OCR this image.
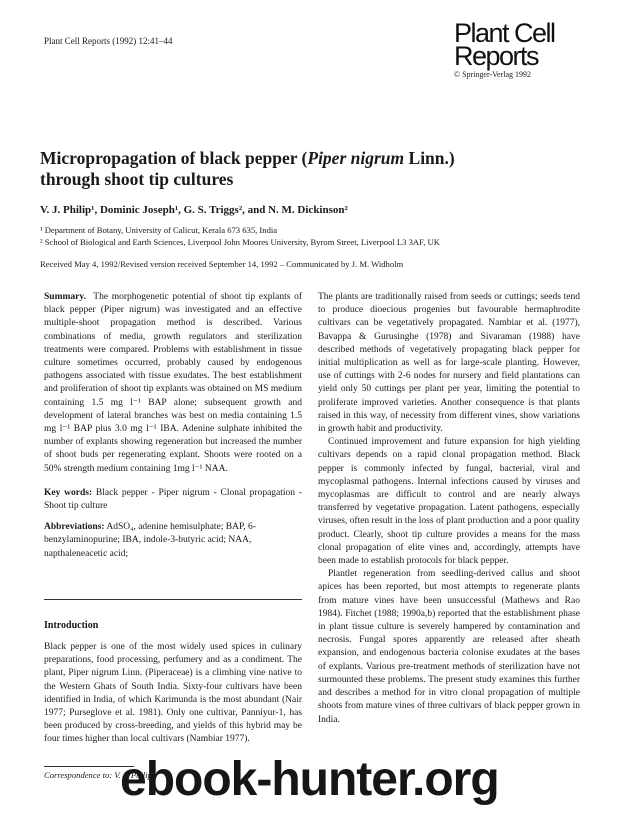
Plant Cell Reports (1992) 12:41–44	Plant Cell
Reports
© Springer-Verlag 1992
Micropropagation of black pepper (Piper nigrum Linn.)
through shoot tip cultures
V. J. Philip¹, Dominic Joseph¹, G. S. Triggs², and N. M. Dickinson²
¹ Department of Botany, University of Calicut, Kerala 673 635, India
² School of Biological and Earth Sciences, Liverpool John Moores University, Byrom Street, Liverpool L3 3AF, UK
Received May 4, 1992/Revised version received September 14, 1992 – Communicated by J. M. Widholm

Summary. The morphogenetic potential of shoot tip explants of black pepper (Piper nigrum) was investigated and an effective multiple-shoot propagation method is described. Various combinations of media, growth regulators and sterilization treatments were compared. Problems with establishment in tissue culture sometimes occurred, probably caused by endogenous pathogens associated with tissue exudates. The best establishment and proliferation of shoot tip explants was obtained on MS medium containing 1.5 mg l⁻¹ BAP alone; subsequent growth and development of lateral branches was best on media containing 1.5 mg l⁻¹ BAP plus 3.0 mg l⁻¹ IBA. Adenine sulphate inhibited the number of explants showing regeneration but increased the number of shoot buds per regenerating explant. Shoots were rooted on a 50% strength medium containing 1mg l⁻¹ NAA.

Key words: Black pepper - Piper nigrum - Clonal propagation - Shoot tip culture

Abbreviations: AdSO₄, adenine hemisulphate; BAP, 6-benzylaminopurine; IBA, indole-3-butyric acid; NAA, napthaleneacetic acid;

Introduction

Black pepper is one of the most widely used spices in culinary preparations, food processing, perfumery and as a condiment. The plant, Piper nigrum Linn. (Piperaceae) is a climbing vine native to the Western Ghats of South India. Sixty-four cultivars have been identified in India, of which Karimunda is the most abundant (Nair 1977; Purseglove et al. 1981). Only one cultivar, Panniyur-1, has been produced by cross-breeding, and yields of this hybrid may be four times higher than local cultivars (Nambiar 1977).

The plants are traditionally raised from seeds or cuttings; seeds tend to produce dioecious progenies but favourable hermaphrodite cultivars can be vegetatively propagated. Nambiar et al. (1977), Bavappa & Gurusinghe (1978) and Sivaraman (1988) have described methods of vegetatively propagating black pepper for initial multiplication as well as for large-scale planting. However, use of cuttings with 2-6 nodes for nursery and field plantations can yield only 50 cuttings per plant per year, limiting the potential to proliferate improved varieties. Another consequence is that plants raised in this way, of necessity from different vines, show variations in growth habit and productivity.

Continued improvement and future expansion for high yielding cultivars depends on a rapid clonal propagation method. Black pepper is commonly infected by fungal, bacterial, viral and mycoplasmal pathogens. Internal infections caused by viruses and mycoplasmas are difficult to control and are nearly always transferred by vegetative propagation. Latent pathogens, especially viruses, often result in the loss of plant production and a poor quality product. Clearly, shoot tip culture provides a means for the mass clonal propagation of elite vines and, accordingly, attempts have been made to establish protocols for black pepper.

Plantlet regeneration from seedling-derived callus and shoot apices has been reported, but most attempts to regenerate plants from mature vines have been unsuccessful (Mathews and Rao 1984). Fitchet (1988; 1990a,b) reported that the establishment phase in plant tissue culture is severely hampered by contamination and necrosis. Fungal spores apparently are released after sheath expansion, and endogenous bacteria colonise exudates at the bases of explants. Various pre-treatment methods of sterilization have not surmounted these problems. The present study examines this further and describes a method for in vitro clonal propagation of multiple shoots from mature vines of three cultivars of black pepper grown in India.

Correspondence to: V. J. Philip
ebook-hunter.org
